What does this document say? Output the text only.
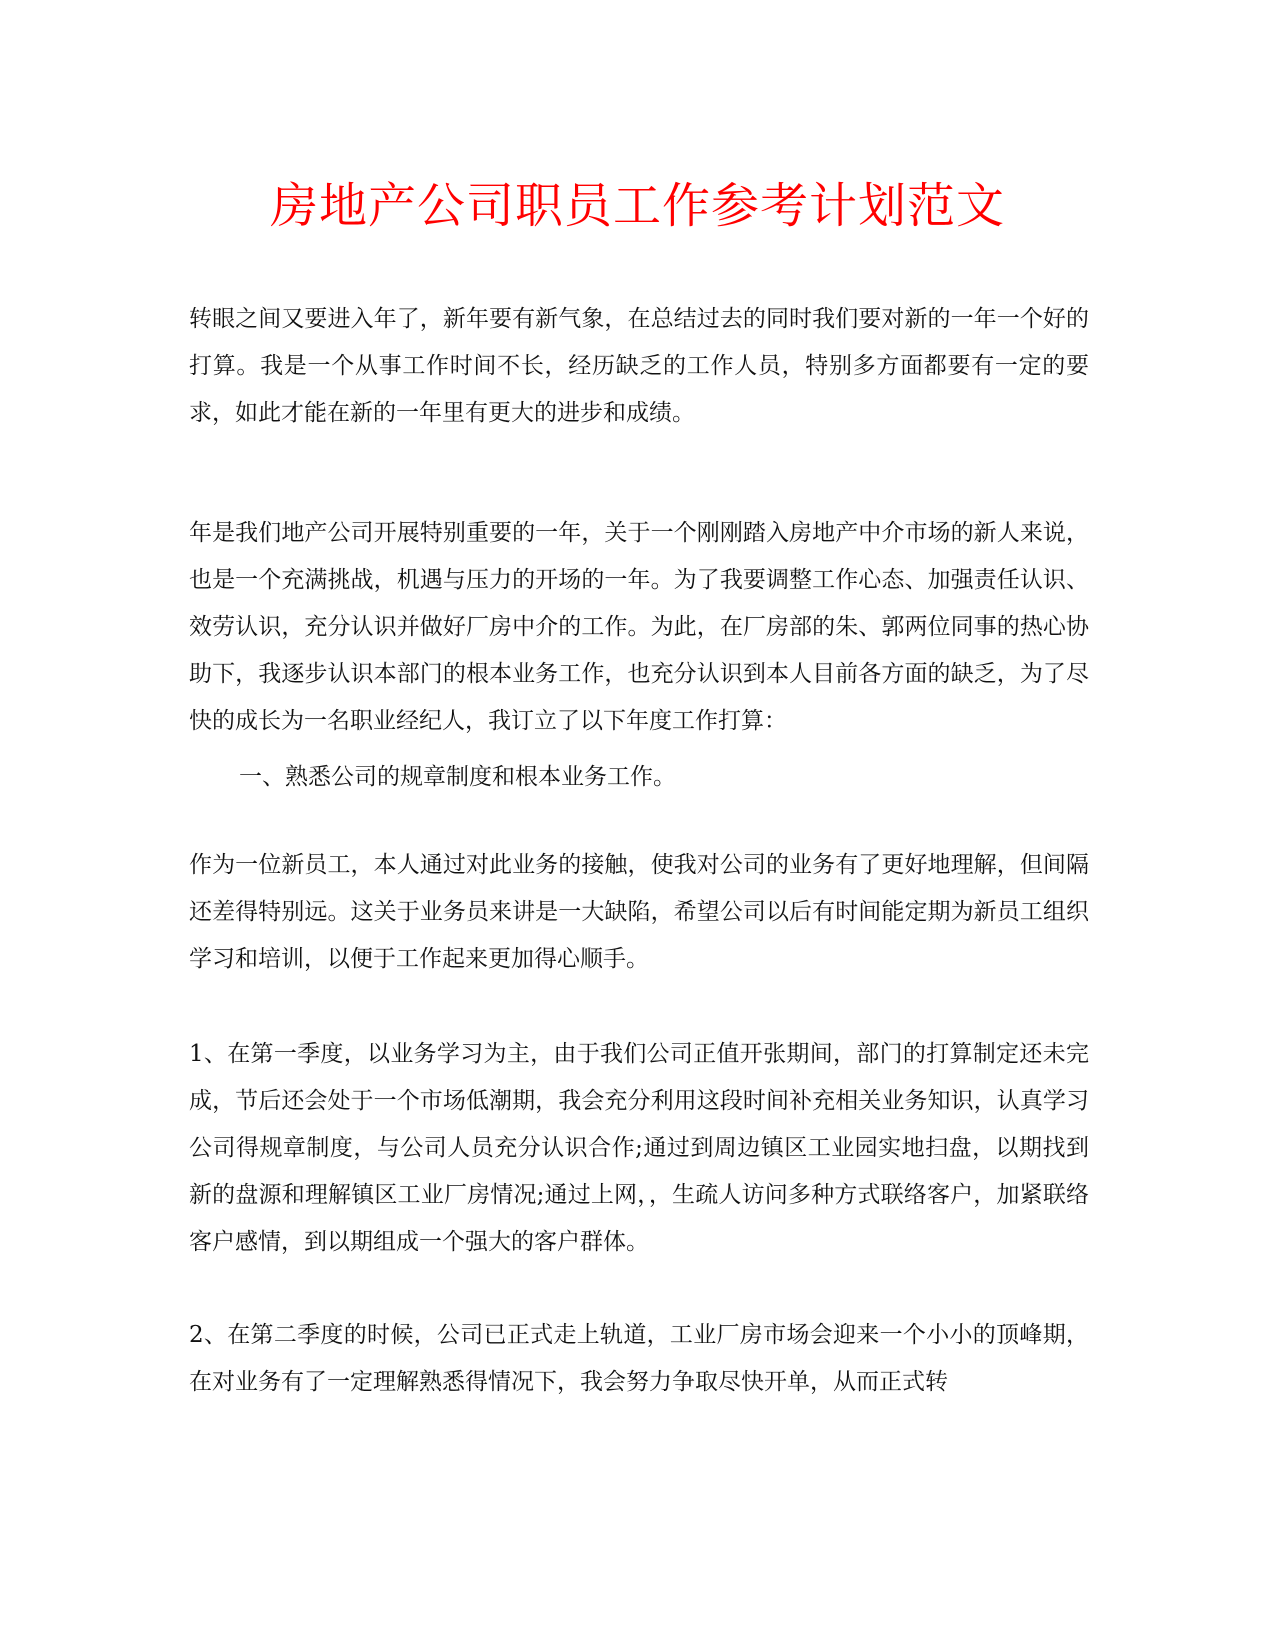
房地产公司职员工作参考计划范文

转眼之间又要进入年了，新年要有新气象，在总结过去的同时我们要对新的一年一个好的打算。我是一个从事工作时间不长，经历缺乏的工作人员，特别多方面都要有一定的要求，如此才能在新的一年里有更大的进步和成绩。

年是我们地产公司开展特别重要的一年，关于一个刚刚踏入房地产中介市场的新人来说，也是一个充满挑战，机遇与压力的开场的一年。为了我要调整工作心态、加强责任认识、效劳认识，充分认识并做好厂房中介的工作。为此，在厂房部的朱、郭两位同事的热心协助下，我逐步认识本部门的根本业务工作，也充分认识到本人目前各方面的缺乏，为了尽快的成长为一名职业经纪人，我订立了以下年度工作打算：

一、熟悉公司的规章制度和根本业务工作。

作为一位新员工，本人通过对此业务的接触，使我对公司的业务有了更好地理解，但间隔还差得特别远。这关于业务员来讲是一大缺陷，希望公司以后有时间能定期为新员工组织学习和培训，以便于工作起来更加得心顺手。

1、在第一季度，以业务学习为主，由于我们公司正值开张期间，部门的打算制定还未完成，节后还会处于一个市场低潮期，我会充分利用这段时间补充相关业务知识，认真学习公司得规章制度，与公司人员充分认识合作;通过到周边镇区工业园实地扫盘，以期找到新的盘源和理解镇区工业厂房情况;通过上网，，生疏人访问多种方式联络客户，加紧联络客户感情，到以期组成一个强大的客户群体。

2、在第二季度的时候，公司已正式走上轨道，工业厂房市场会迎来一个小小的顶峰期，在对业务有了一定理解熟悉得情况下，我会努力争取尽快开单，从而正式转
